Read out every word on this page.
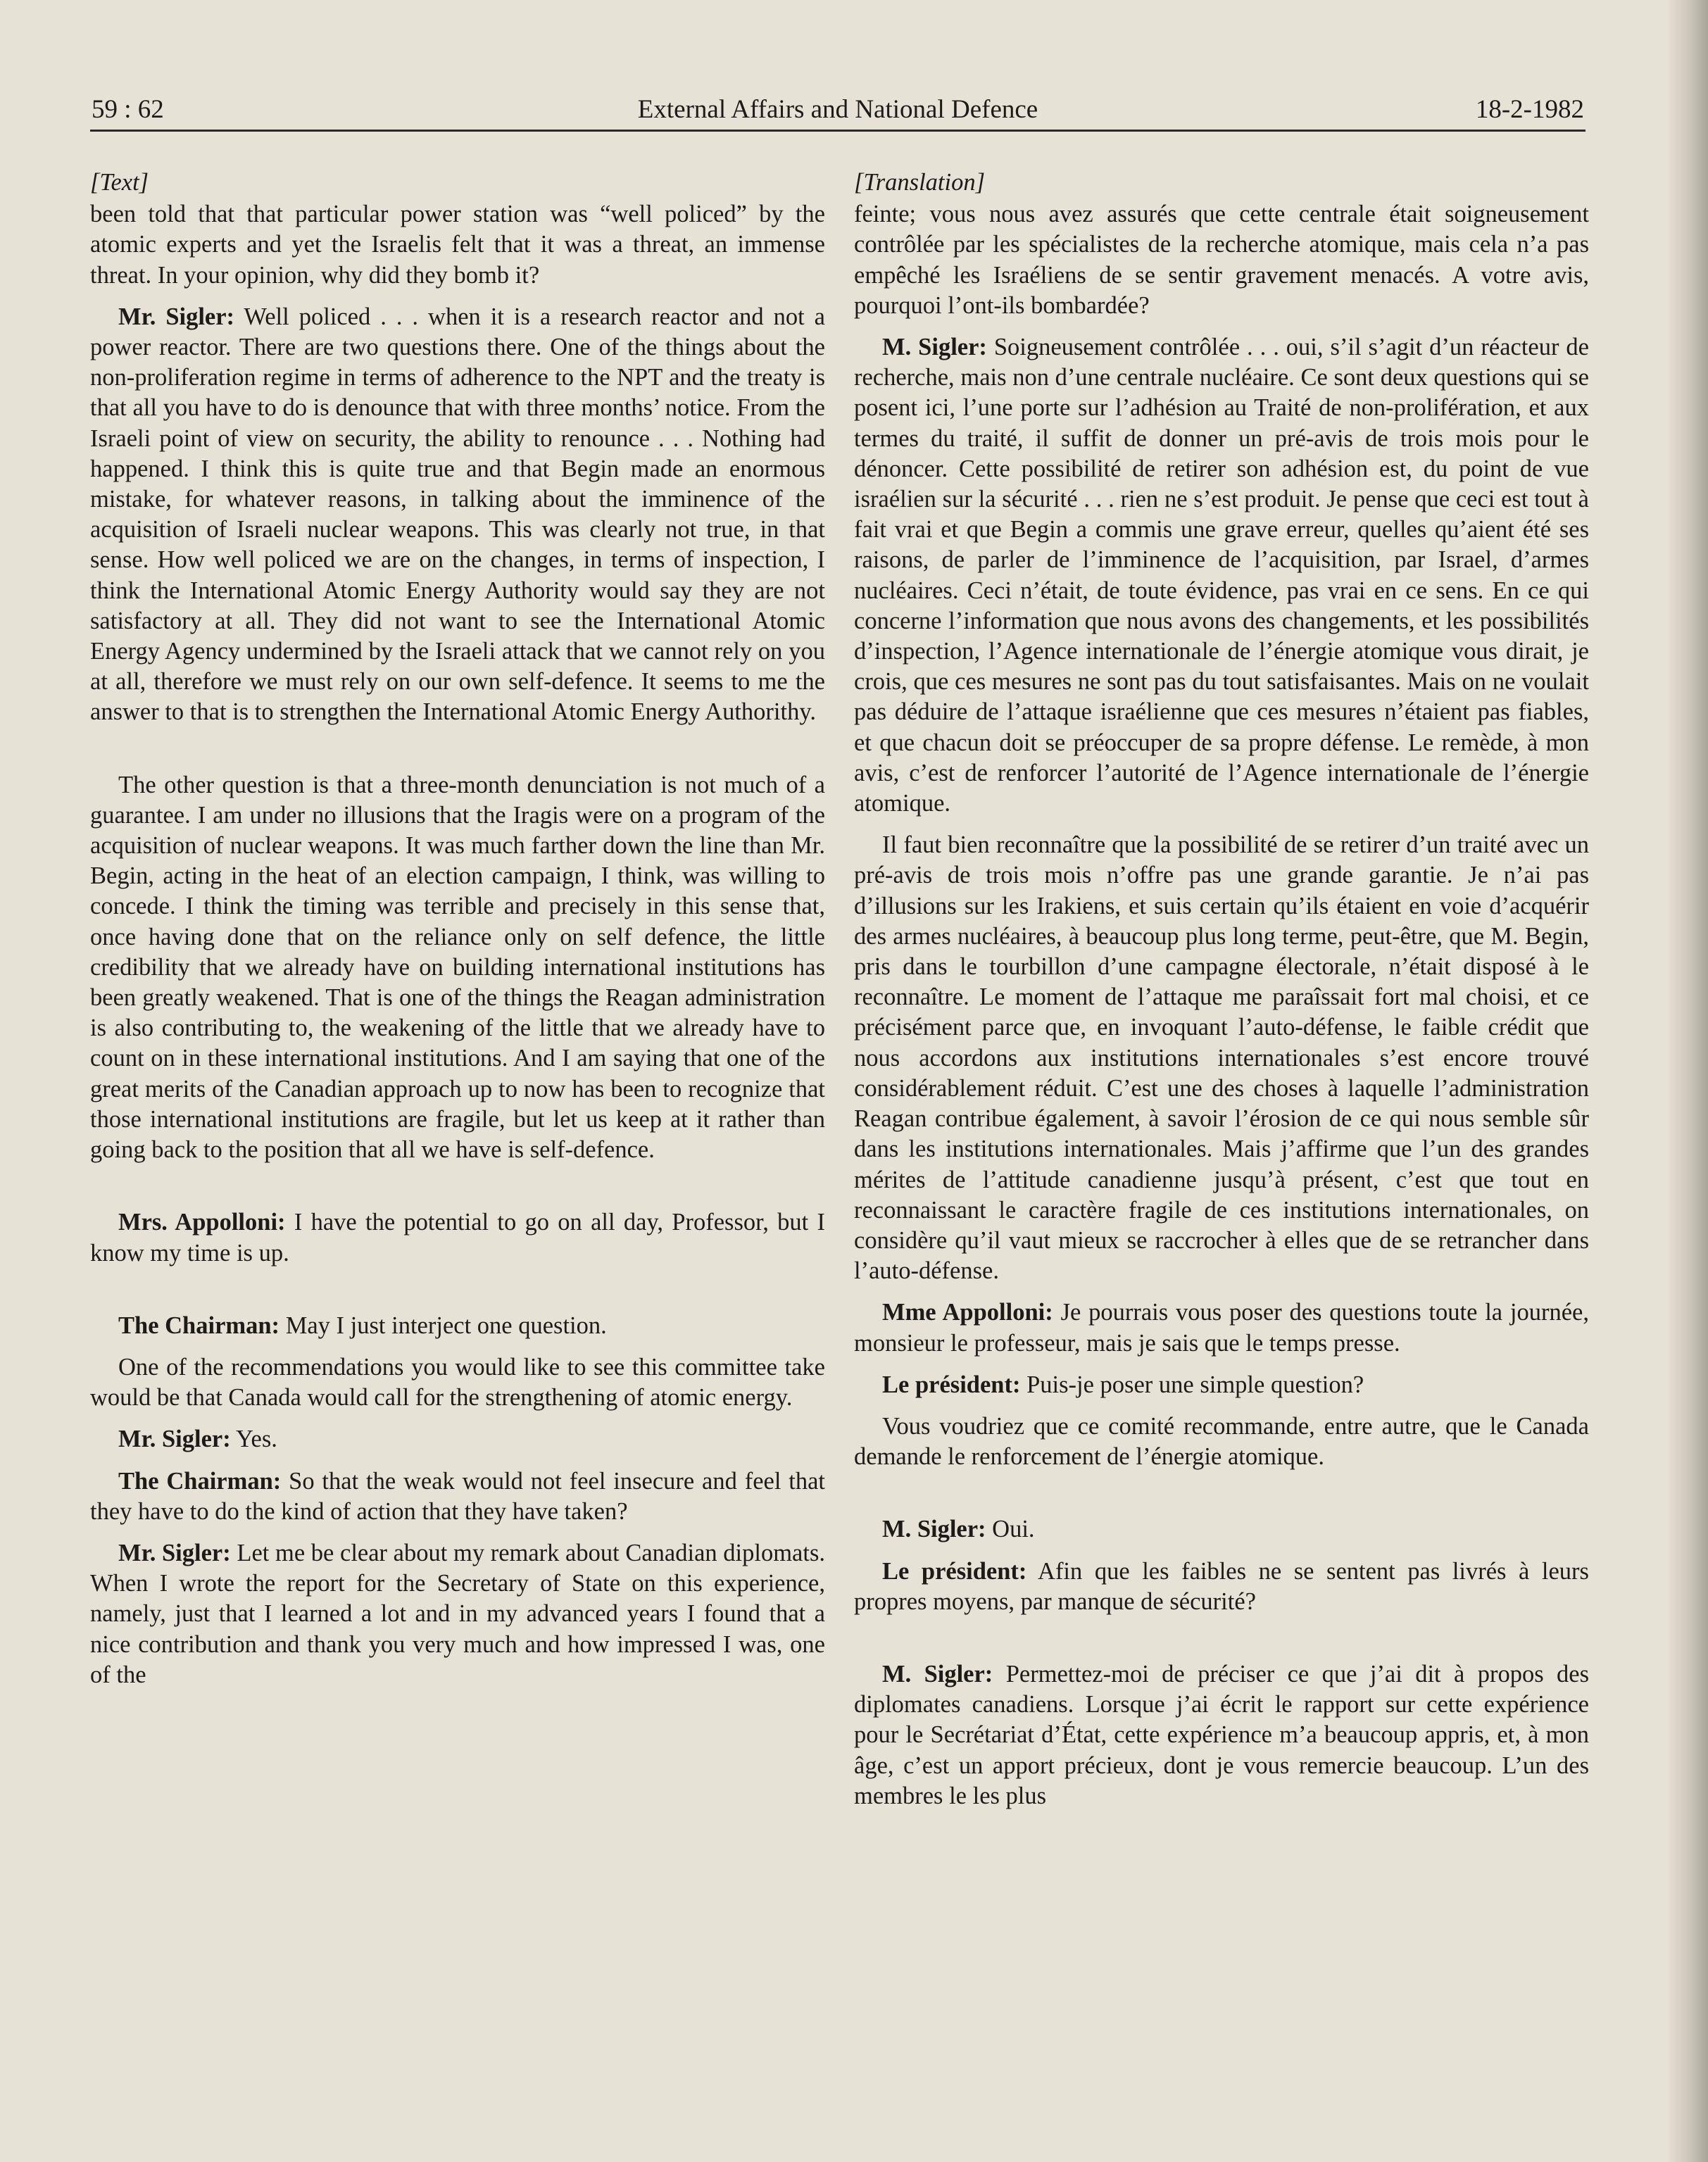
59 : 62	External Affairs and National Defence	18-2-1982

[Text]

been told that that particular power station was “well policed” by the atomic experts and yet the Israelis felt that it was a threat, an immense threat. In your opinion, why did they bomb it?

Mr. Sigler: Well policed . . . when it is a research reactor and not a power reactor. There are two questions there. One of the things about the non-proliferation regime in terms of adherence to the NPT and the treaty is that all you have to do is denounce that with three months’ notice. From the Israeli point of view on security, the ability to renounce . . . Nothing had happened. I think this is quite true and that Begin made an enormous mistake, for whatever reasons, in talking about the imminence of the acquisition of Israeli nuclear weapons. This was clearly not true, in that sense. How well policed we are on the changes, in terms of inspection, I think the International Atomic Energy Authority would say they are not satisfactory at all. They did not want to see the International Atomic Energy Agency undermined by the Israeli attack that we cannot rely on you at all, therefore we must rely on our own self-defence. It seems to me the answer to that is to strengthen the International Atomic Energy Authorithy.

The other question is that a three-month denunciation is not much of a guarantee. I am under no illusions that the Iragis were on a program of the acquisition of nuclear weapons. It was much farther down the line than Mr. Begin, acting in the heat of an election campaign, I think, was willing to concede. I think the timing was terrible and precisely in this sense that, once having done that on the reliance only on self defence, the little credibility that we already have on building international institutions has been greatly weakened. That is one of the things the Reagan administration is also contributing to, the weakening of the little that we already have to count on in these international institutions. And I am saying that one of the great merits of the Canadian approach up to now has been to recognize that those international institutions are fragile, but let us keep at it rather than going back to the position that all we have is self-defence.

Mrs. Appolloni: I have the potential to go on all day, Professor, but I know my time is up.

The Chairman: May I just interject one question.

One of the recommendations you would like to see this committee take would be that Canada would call for the strengthening of atomic energy.

Mr. Sigler: Yes.

The Chairman: So that the weak would not feel insecure and feel that they have to do the kind of action that they have taken?

Mr. Sigler: Let me be clear about my remark about Canadian diplomats. When I wrote the report for the Secretary of State on this experience, namely, just that I learned a lot and in my advanced years I found that a nice contribution and thank you very much and how impressed I was, one of the

[Translation]

feinte; vous nous avez assurés que cette centrale était soigneusement contrôlée par les spécialistes de la recherche atomique, mais cela n’a pas empêché les Israéliens de se sentir gravement menacés. A votre avis, pourquoi l’ont-ils bombardée?

M. Sigler: Soigneusement contrôlée . . . oui, s’il s’agit d’un réacteur de recherche, mais non d’une centrale nucléaire. Ce sont deux questions qui se posent ici, l’une porte sur l’adhésion au Traité de non-prolifération, et aux termes du traité, il suffit de donner un pré-avis de trois mois pour le dénoncer. Cette possibilité de retirer son adhésion est, du point de vue israélien sur la sécurité . . . rien ne s’est produit. Je pense que ceci est tout à fait vrai et que Begin a commis une grave erreur, quelles qu’aient été ses raisons, de parler de l’imminence de l’acquisition, par Israel, d’armes nucléaires. Ceci n’était, de toute évidence, pas vrai en ce sens. En ce qui concerne l’information que nous avons des changements, et les possibilités d’inspection, l’Agence internationale de l’énergie atomique vous dirait, je crois, que ces mesures ne sont pas du tout satisfaisantes. Mais on ne voulait pas déduire de l’attaque israélienne que ces mesures n’étaient pas fiables, et que chacun doit se préoccuper de sa propre défense. Le remède, à mon avis, c’est de renforcer l’autorité de l’Agence internationale de l’énergie atomique.

Il faut bien reconnaître que la possibilité de se retirer d’un traité avec un pré-avis de trois mois n’offre pas une grande garantie. Je n’ai pas d’illusions sur les Irakiens, et suis certain qu’ils étaient en voie d’acquérir des armes nucléaires, à beaucoup plus long terme, peut-être, que M. Begin, pris dans le tourbillon d’une campagne électorale, n’était disposé à le reconnaître. Le moment de l’attaque me paraîssait fort mal choisi, et ce précisément parce que, en invoquant l’auto-défense, le faible crédit que nous accordons aux institutions internationales s’est encore trouvé considérablement réduit. C’est une des choses à laquelle l’administration Reagan contribue également, à savoir l’érosion de ce qui nous semble sûr dans les institutions internationales. Mais j’affirme que l’un des grandes mérites de l’attitude canadienne jusqu’à présent, c’est que tout en reconnaissant le caractère fragile de ces institutions internationales, on considère qu’il vaut mieux se raccrocher à elles que de se retrancher dans l’auto-défense.

Mme Appolloni: Je pourrais vous poser des questions toute la journée, monsieur le professeur, mais je sais que le temps presse.

Le président: Puis-je poser une simple question?

Vous voudriez que ce comité recommande, entre autre, que le Canada demande le renforcement de l’énergie atomique.

M. Sigler: Oui.

Le président: Afin que les faibles ne se sentent pas livrés à leurs propres moyens, par manque de sécurité?

M. Sigler: Permettez-moi de préciser ce que j’ai dit à propos des diplomates canadiens. Lorsque j’ai écrit le rapport sur cette expérience pour le Secrétariat d’État, cette expérience m’a beaucoup appris, et, à mon âge, c’est un apport précieux, dont je vous remercie beaucoup. L’un des membres le les plus
